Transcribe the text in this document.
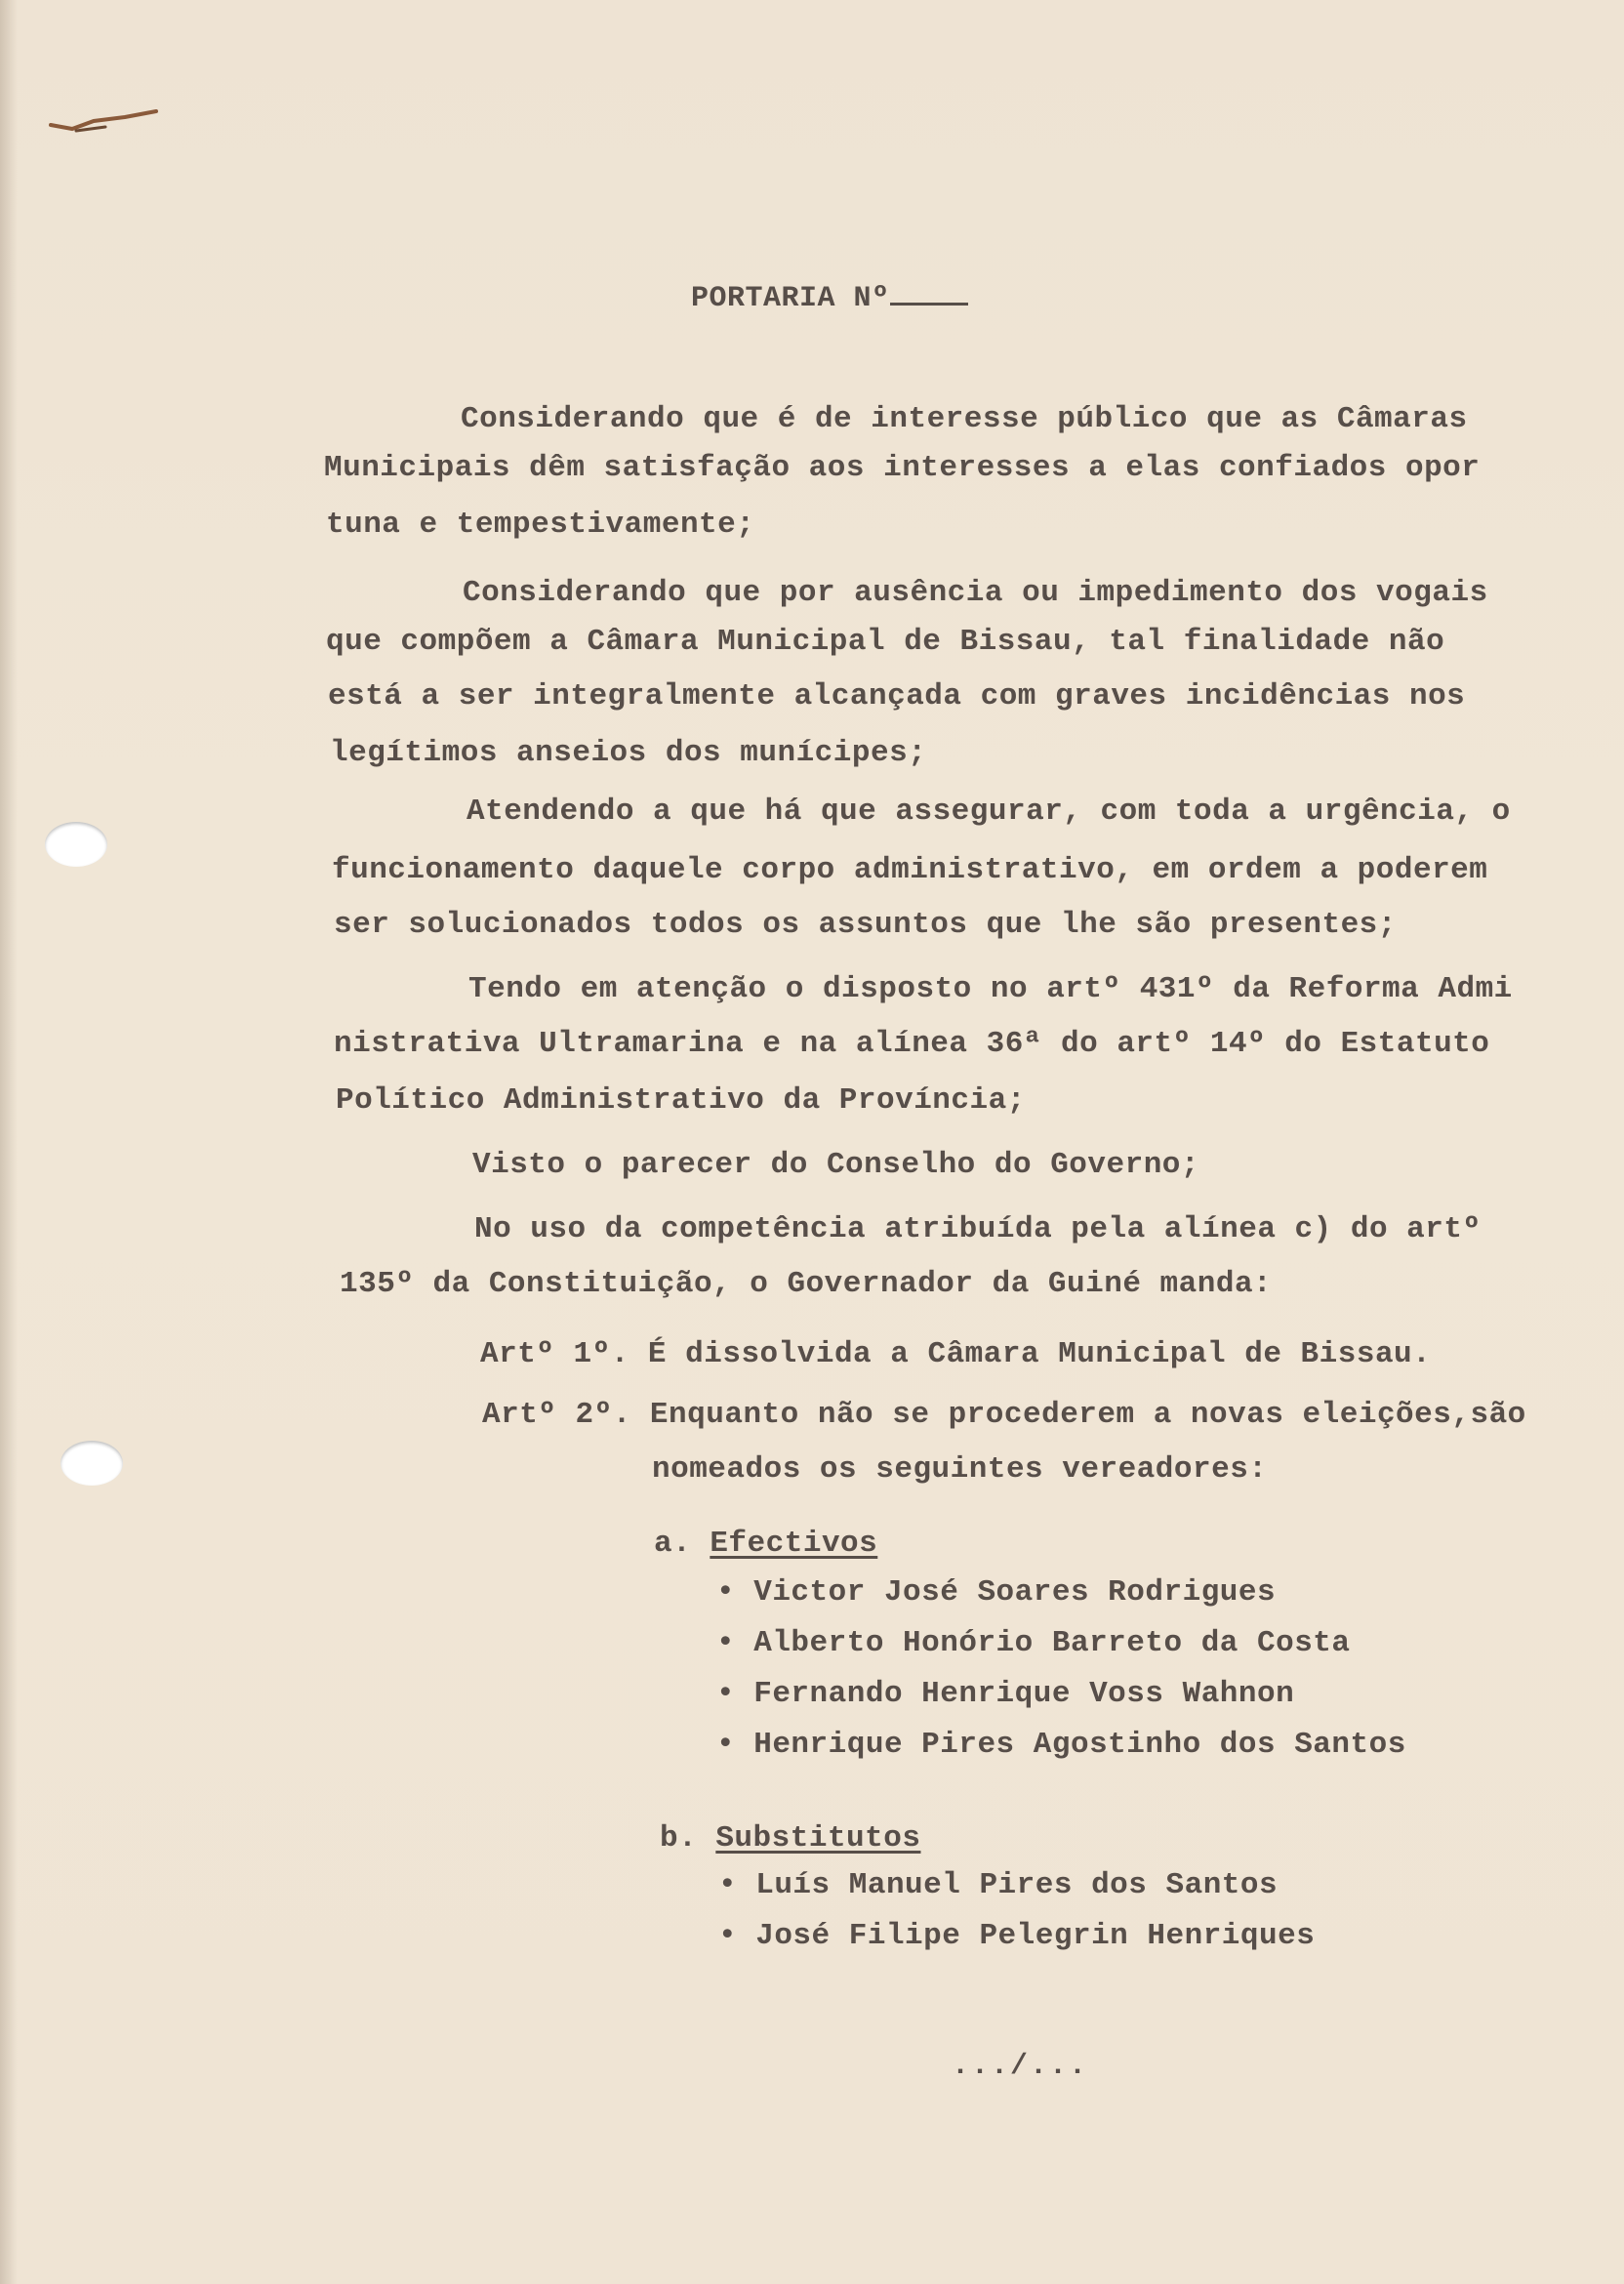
PORTARIA Nº
Considerando que é de interesse público que as Câmaras
Municipais dêm satisfação aos interesses a elas confiados opor
tuna e tempestivamente;
Considerando que por ausência ou impedimento dos vogais
que compõem a Câmara Municipal de Bissau, tal finalidade não
está a ser integralmente alcançada com graves incidências nos
legítimos anseios dos munícipes;
Atendendo a que há que assegurar, com toda a urgência, o
funcionamento daquele corpo administrativo, em ordem a poderem
ser solucionados todos os assuntos que lhe são presentes;
Tendo em atenção o disposto no artº 431º da Reforma Admi
nistrativa Ultramarina e na alínea 36ª do artº 14º do Estatuto
Político Administrativo da Província;
Visto o parecer do Conselho do Governo;
No uso da competência atribuída pela alínea c) do artº
135º da Constituição, o Governador da Guiné manda:
Artº 1º. É dissolvida a Câmara Municipal de Bissau.
Artº 2º. Enquanto não se procederem a novas eleições,são
nomeados os seguintes vereadores:
a. Efectivos
• Victor José Soares Rodrigues
• Alberto Honório Barreto da Costa
• Fernando Henrique Voss Wahnon
• Henrique Pires Agostinho dos Santos
b. Substitutos
• Luís Manuel Pires dos Santos
• José Filipe Pelegrin Henriques
.../...
